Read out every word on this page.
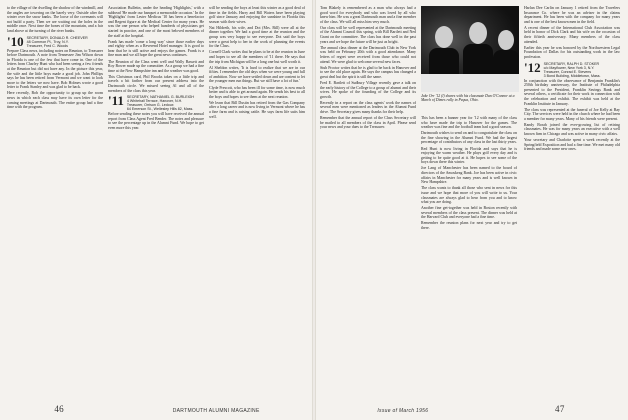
to the village of the dwelling the shadow of the windmill, and the angles are towering on the barely very. Outside after the winter over the snow banks. The loose of the covenants will not build a party. Then we are waiting out the holes in the middle once. Next time the bones of the mountain, and a fair land above at the turning of the river banks.

'10 SECRETARY, DONALD R. CHEEVER
48 Common Pl., Troy, N.Y.
Treasurer, Fred C. Woods

Prepare Class news, including notes on Reunion, to Treasurer before Dartmouth. A note from Tennessee Jim Wilson down in Florida is one of the few that have come in. One of the letters from Charley Hunt who had been seeing a few friends at the Reunion but did not have any. In the picture this year, the wife and the little boys made a good job. John Phillips says he has been retired from Vermont and we want to look more to the letters we now have. Bob Holmes wrote a good letter to Frank Stanley and was glad to be back.

Here recently, Bob the opportunity to group up the room news in which each class may have its own letter for the coming meetings at Dartmouth. The entire group had a fine time with the program.

Association Bulletin, under the heading 'Highlights,' with a subhead 'He made our banquet a memorable occasion.' In the 'Highlights' from Lester Medicus '10 has been a benefactor and Regent figure at the Medical Center for many years. He was the one person who helped hundreds of physicians get started in practice, and one of the most beloved members of the staff at the hospital.

Frank has made 'come a long way' since those earlier days and eighty when as a Reverend Hotel manager. It is good to hear that he is still active and enjoys the games. Frank is a fine man and we all hope the great news continues.

The Reunion of the Class went well and Wally Bassett and Roy Bower made up the committee. As a group we had a fine time at the New Hampshire inn and the weather was good.

This Christmas card, Phil Brooks takes on a little trip and travels a bit farther from our present address into the Dartmouth circle. We missed seeing Al and all of the members of the class this year.

'11 SECRETARY, NATHANIEL G. BURLEIGH
4 Whitehall Terrace, Hanover, N.H.
Treasurer, Orrison G. Ledoux
64 Emerson St., Wellesley Hills 82, Mass.

Before sending these notes you will have received the annual report from Class Agent Fred Bender. The notes and pleasure to see the percentage up in the Alumni Fund. We hope to get even more this year.

will be sending the boys at least this winter as a good deal of time in the fields. Harry and Bill Waters have been playing golf since January and enjoying the sunshine in Florida this season with their wives.

Nat Hildreth, his wife, and Dot (Mrs. Bill) were all at the dinner together. We had a good time at the reunion and the group was very happy to see everyone. Dot said the boys were a great help to her in the work of planning the events for the Class.

Cornell Clark writes that he plans to be at the reunion in June and hopes to see all the members of '11 there. He says that the trip from Michigan will be a long one but well worth it.

Al Sheldon writes, 'It is hard to realize that we are in our fifties. I remember the old days when we were young and full of ambition. Now we have settled down and are content to let the younger men run things. But we still have a lot of fun.'

Clyde Prescott, who has been ill for some time, is now much better and is able to get around again. He sends his best to all the boys and hopes to see them at the next reunion.

We learn that Bill Dustin has retired from the Gas Company after a long career and is now living in Vermont where he has a fine farm and is raising cattle. He says farm life suits him well.

46	DARTMOUTH ALUMNI MAGAZINE

Tom Blakely is remembered as a man who always had a good word for everybody and who was loved by all who knew him. He was a great Dartmouth man and a fine member of the class. We will all miss him very much.

Our class will be well represented at the Dartmouth meeting of the Alumni Council this spring, with Bill Bartlett and Ned Grant on the committee. The class has done well in the past years and we hope the future will be just as bright.

The annual class dinner at the Dartmouth Club in New York was held on February 20th with a good attendance. Many letters of regret were received from those who could not attend. We were glad to welcome several new faces.

Stub Proctor writes that he is glad to be back in Hanover and to see the old place again. He says the campus has changed a great deal but the spirit is still the same.

Fred E. Bartlett of Sudbury Village recently gave a talk on the early history of the College to a group of alumni and their wives. He spoke of the founding of the College and its growth.

Recently in a report on the class agents' work the names of several men were mentioned as leaders in the Alumni Fund drive. The Secretary gives many thanks for their help.

Remember that the annual report of the Class Secretary will be mailed to all members of the class in April. Please send your news and your dues to the Treasurer.

Jake Orr '12 (l) shares with his classmate Dan O'Connor at a March of Dimes rally in Pequa, Ohio.

This has been a banner year for '12 with many of the class who have made the trip to Hanover for the games. The weather was fine and the football team had a good season.

Dartmouth wishes to send on and to congratulate the class on the fine showing in the Alumni Fund. We had the largest percentage of contributors of any class in the last thirty years.

Red Hunt is now living in Florida and says that he is enjoying the warm weather. He plays golf every day and is getting to be quite good at it. He hopes to see some of the boys down there this winter.

Joe Lang of Manchester has been named to the board of directors of the Amoskeag Bank. Joe has been active in civic affairs in Manchester for many years and is well known in New Hampshire.

The class wants to thank all those who sent in news for this issue and we hope that more of you will write to us. Your classmates are always glad to hear from you and to know what you are doing.

Another fine get-together was held in Boston recently with several members of the class present. The dinner was held at the Harvard Club and everyone had a fine time.

Remember the reunion plans for next year and try to get there.

Harlan Dee Carlin on January 1 retired from the Travelers Insurance Co. where he was an adviser in the claims department. He has been with the company for many years and is one of the best known men in the field.

A recent dinner of the International Club Association was held in honor of Dick Clark and his wife on the occasion of their fiftieth anniversary. Many members of the class attended.

Earlier this year he was honored by the Northwestern Legal Foundation of Dallas for his outstanding work in the law profession.

'12 SECRETARY, RALPH D. STOKER
c/o Mayflower, New York 3, N.Y.
Treasurer, Conrad E. Stevens
3 Bond Building, Middletown, Mass.

In conjunction with the observance of Benjamin Franklin's 250th birthday anniversary, the Institute of Philadelphia presented to the President, Franklin Savings Bank and several others, a certificate for their work in connection with the celebration and exhibit. The exhibit was held at the Franklin Institute in January.

The class was represented at the funeral of Joe Kelly at Bay City. The services were held in the church where he had been a member for many years. Many of his friends were present.

Randy Borah joined the ever-growing list of retiring classmates. He was for many years an executive with a well known firm in Chicago and was active in many civic affairs.

Your secretary and Charlotte spent a week recently at the Springfield Exposition and had a fine time. We met many old friends and made some new ones.

Issue of March 1956	47
